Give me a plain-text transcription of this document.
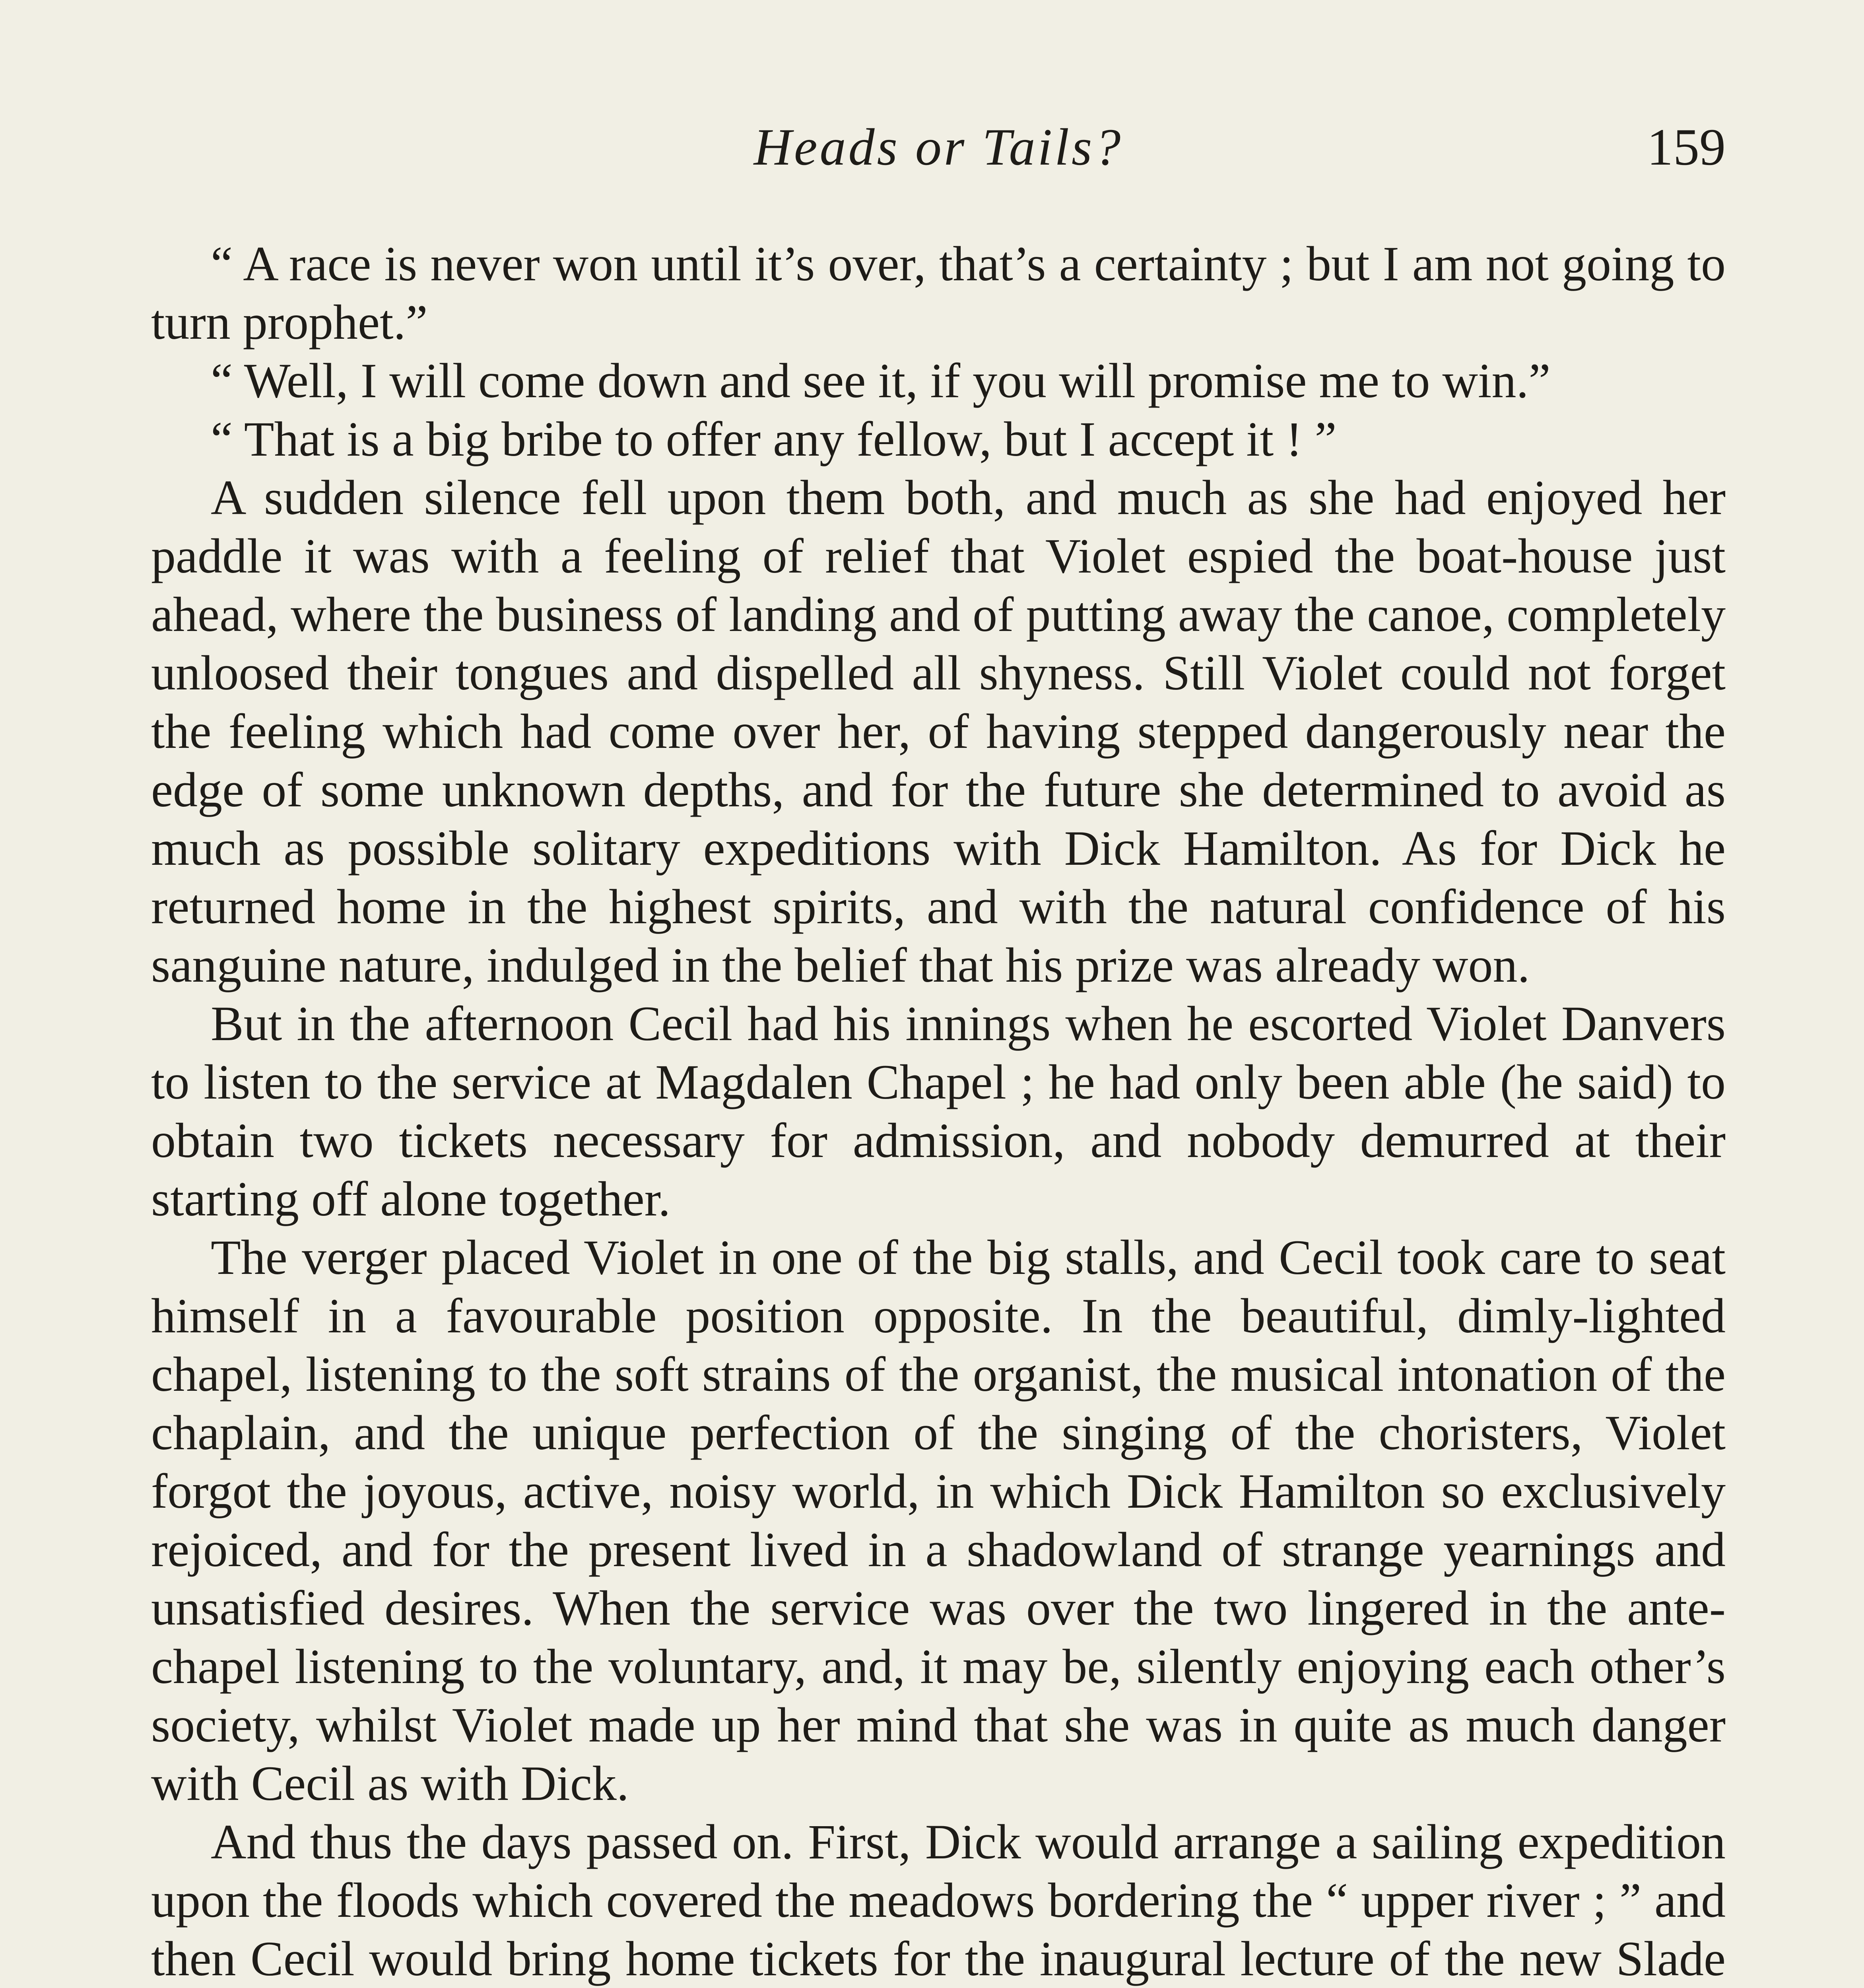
Heads or Tails?	159

“ A race is never won until it’s over, that’s a certainty ; but I am not going to turn prophet.”

“ Well, I will come down and see it, if you will promise me to win.”

“ That is a big bribe to offer any fellow, but I accept it ! ”

A sudden silence fell upon them both, and much as she had enjoyed her paddle it was with a feeling of relief that Violet espied the boat-house just ahead, where the business of landing and of putting away the canoe, completely unloosed their tongues and dispelled all shyness. Still Violet could not forget the feeling which had come over her, of having stepped dangerously near the edge of some unknown depths, and for the future she determined to avoid as much as possible solitary expeditions with Dick Hamilton. As for Dick he returned home in the highest spirits, and with the natural confidence of his sanguine nature, indulged in the belief that his prize was already won.

But in the afternoon Cecil had his innings when he escorted Violet Danvers to listen to the service at Magdalen Chapel ; he had only been able (he said) to obtain two tickets necessary for admission, and nobody demurred at their starting off alone together.

The verger placed Violet in one of the big stalls, and Cecil took care to seat himself in a favourable position opposite. In the beautiful, dimly-lighted chapel, listening to the soft strains of the organist, the musical intonation of the chaplain, and the unique perfection of the singing of the choristers, Violet forgot the joyous, active, noisy world, in which Dick Hamilton so exclusively rejoiced, and for the present lived in a shadowland of strange yearnings and unsatisfied desires. When the service was over the two lingered in the ante-chapel listening to the voluntary, and, it may be, silently enjoying each other’s society, whilst Violet made up her mind that she was in quite as much danger with Cecil as with Dick.

And thus the days passed on. First, Dick would arrange a sailing expedition upon the floods which covered the meadows bordering the “ upper river ; ” and then Cecil would bring home tickets for the inaugural lecture of the new Slade
